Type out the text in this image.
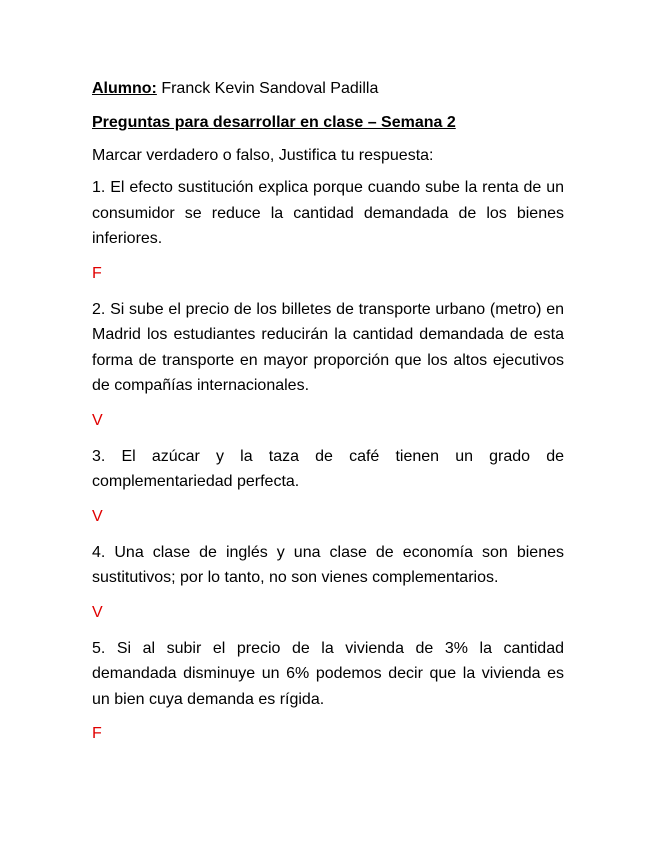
Alumno: Franck Kevin Sandoval Padilla
Preguntas para desarrollar en clase – Semana 2
Marcar verdadero o falso, Justifica tu respuesta:
1. El efecto sustitución explica porque cuando sube la renta de un consumidor se reduce la cantidad demandada de los bienes inferiores.
F
2. Si sube el precio de los billetes de transporte urbano (metro) en Madrid los estudiantes reducirán la cantidad demandada de esta forma de transporte en mayor proporción que los altos ejecutivos de compañías internacionales.
V
3. El azúcar y la taza de café tienen un grado de complementariedad perfecta.
V
4. Una clase de inglés y una clase de economía son bienes sustitutivos; por lo tanto, no son vienes complementarios.
V
5. Si al subir el precio de la vivienda de 3% la cantidad demandada disminuye un 6% podemos decir que la vivienda es un bien cuya demanda es rígida.
F
